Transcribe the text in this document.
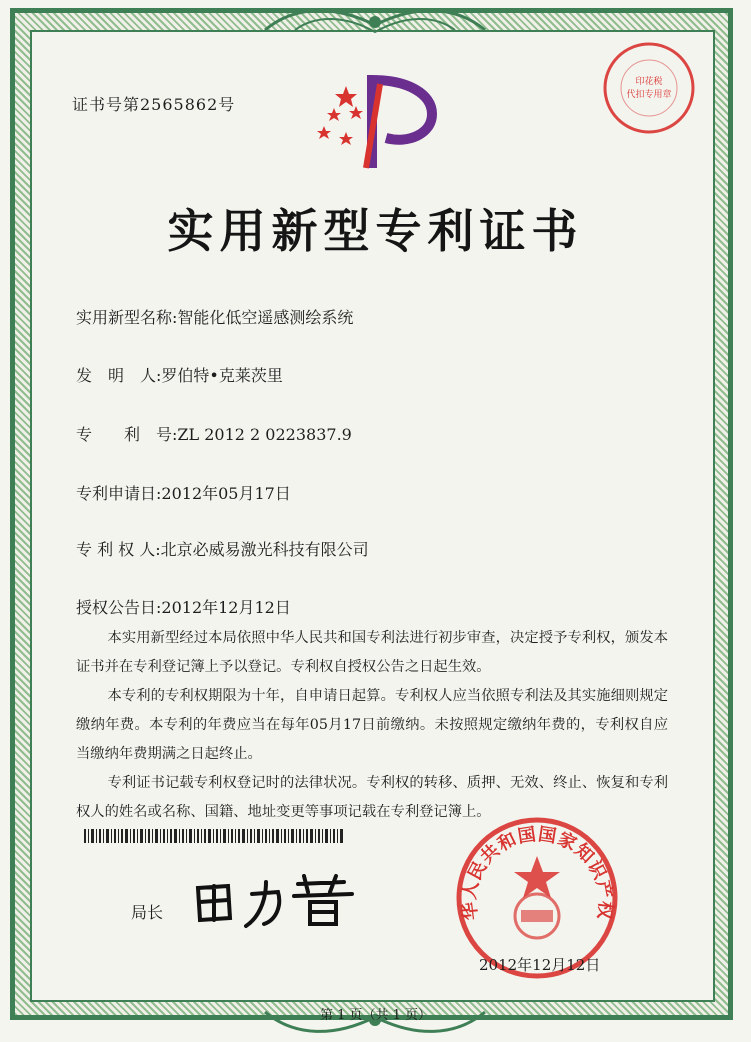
证书号第2565862号
印花税
代扣专用章
实用新型专利证书
实用新型名称:智能化低空遥感测绘系统
发　明　人:罗伯特•克莱茨里
专　　利　号:ZL 2012 2 0223837.9
专利申请日:2012年05月17日
专 利 权 人:北京必威易激光科技有限公司
授权公告日:2012年12月12日

本实用新型经过本局依照中华人民共和国专利法进行初步审查，决定授予专利权，颁发本证书并在专利登记簿上予以登记。专利权自授权公告之日起生效。

本专利的专利权期限为十年，自申请日起算。专利权人应当依照专利法及其实施细则规定缴纳年费。本专利的年费应当在每年05月17日前缴纳。未按照规定缴纳年费的，专利权自应当缴纳年费期满之日起终止。

专利证书记载专利权登记时的法律状况。专利权的转移、质押、无效、终止、恢复和专利权人的姓名或名称、国籍、地址变更等事项记载在专利登记簿上。

局长	华人民共和国国家知识产权
2012年12月12日
第 1 页（共 1 页）
